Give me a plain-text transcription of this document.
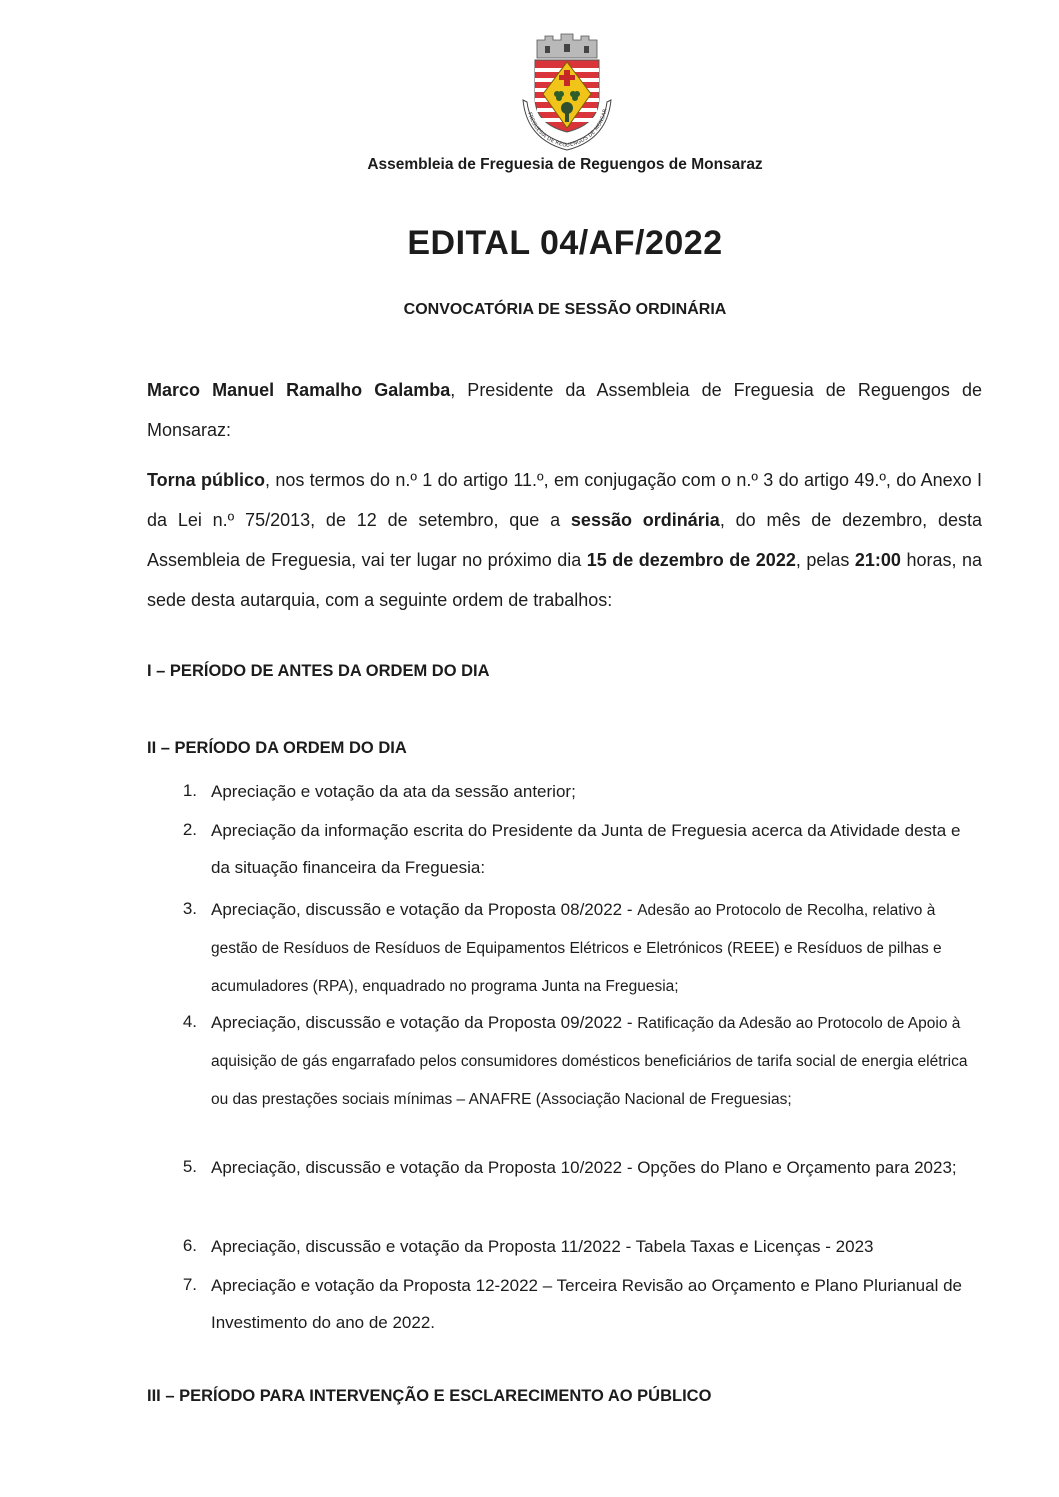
FREGUESIA DE REGUENGOS DE MONSAR
Assembleia de Freguesia de Reguengos de Monsaraz
EDITAL 04/AF/2022
CONVOCATÓRIA DE SESSÃO ORDINÁRIA
Marco Manuel Ramalho Galamba, Presidente da Assembleia de Freguesia de Reguengos de Monsaraz:
Torna público, nos termos do n.º 1 do artigo 11.º, em conjugação com o n.º 3 do artigo 49.º, do Anexo I da Lei n.º 75/2013, de 12 de setembro, que a sessão ordinária, do mês de dezembro, desta Assembleia de Freguesia, vai ter lugar no próximo dia 15 de dezembro de 2022, pelas 21:00 horas, na sede desta autarquia, com a seguinte ordem de trabalhos:
I – PERÍODO DE ANTES DA ORDEM DO DIA
II – PERÍODO DA ORDEM DO DIA
1. Apreciação e votação da ata da sessão anterior;
2. Apreciação da informação escrita do Presidente da Junta de Freguesia acerca da Atividade desta e da situação financeira da Freguesia:
3. Apreciação, discussão e votação da Proposta 08/2022 - Adesão ao Protocolo de Recolha, relativo à gestão de Resíduos de Resíduos de Equipamentos Elétricos e Eletrónicos (REEE) e Resíduos de pilhas e acumuladores (RPA), enquadrado no programa Junta na Freguesia;
4. Apreciação, discussão e votação da Proposta 09/2022 - Ratificação da Adesão ao Protocolo de Apoio à aquisição de gás engarrafado pelos consumidores domésticos beneficiários de tarifa social de energia elétrica ou das prestações sociais mínimas – ANAFRE (Associação Nacional de Freguesias;
5. Apreciação, discussão e votação da Proposta 10/2022 - Opções do Plano e Orçamento para 2023;
6. Apreciação, discussão e votação da Proposta 11/2022 - Tabela Taxas e Licenças - 2023
7. Apreciação e votação da Proposta 12-2022 – Terceira Revisão ao Orçamento e Plano Plurianual de Investimento do ano de 2022.
III – PERÍODO PARA INTERVENÇÃO E ESCLARECIMENTO AO PÚBLICO
